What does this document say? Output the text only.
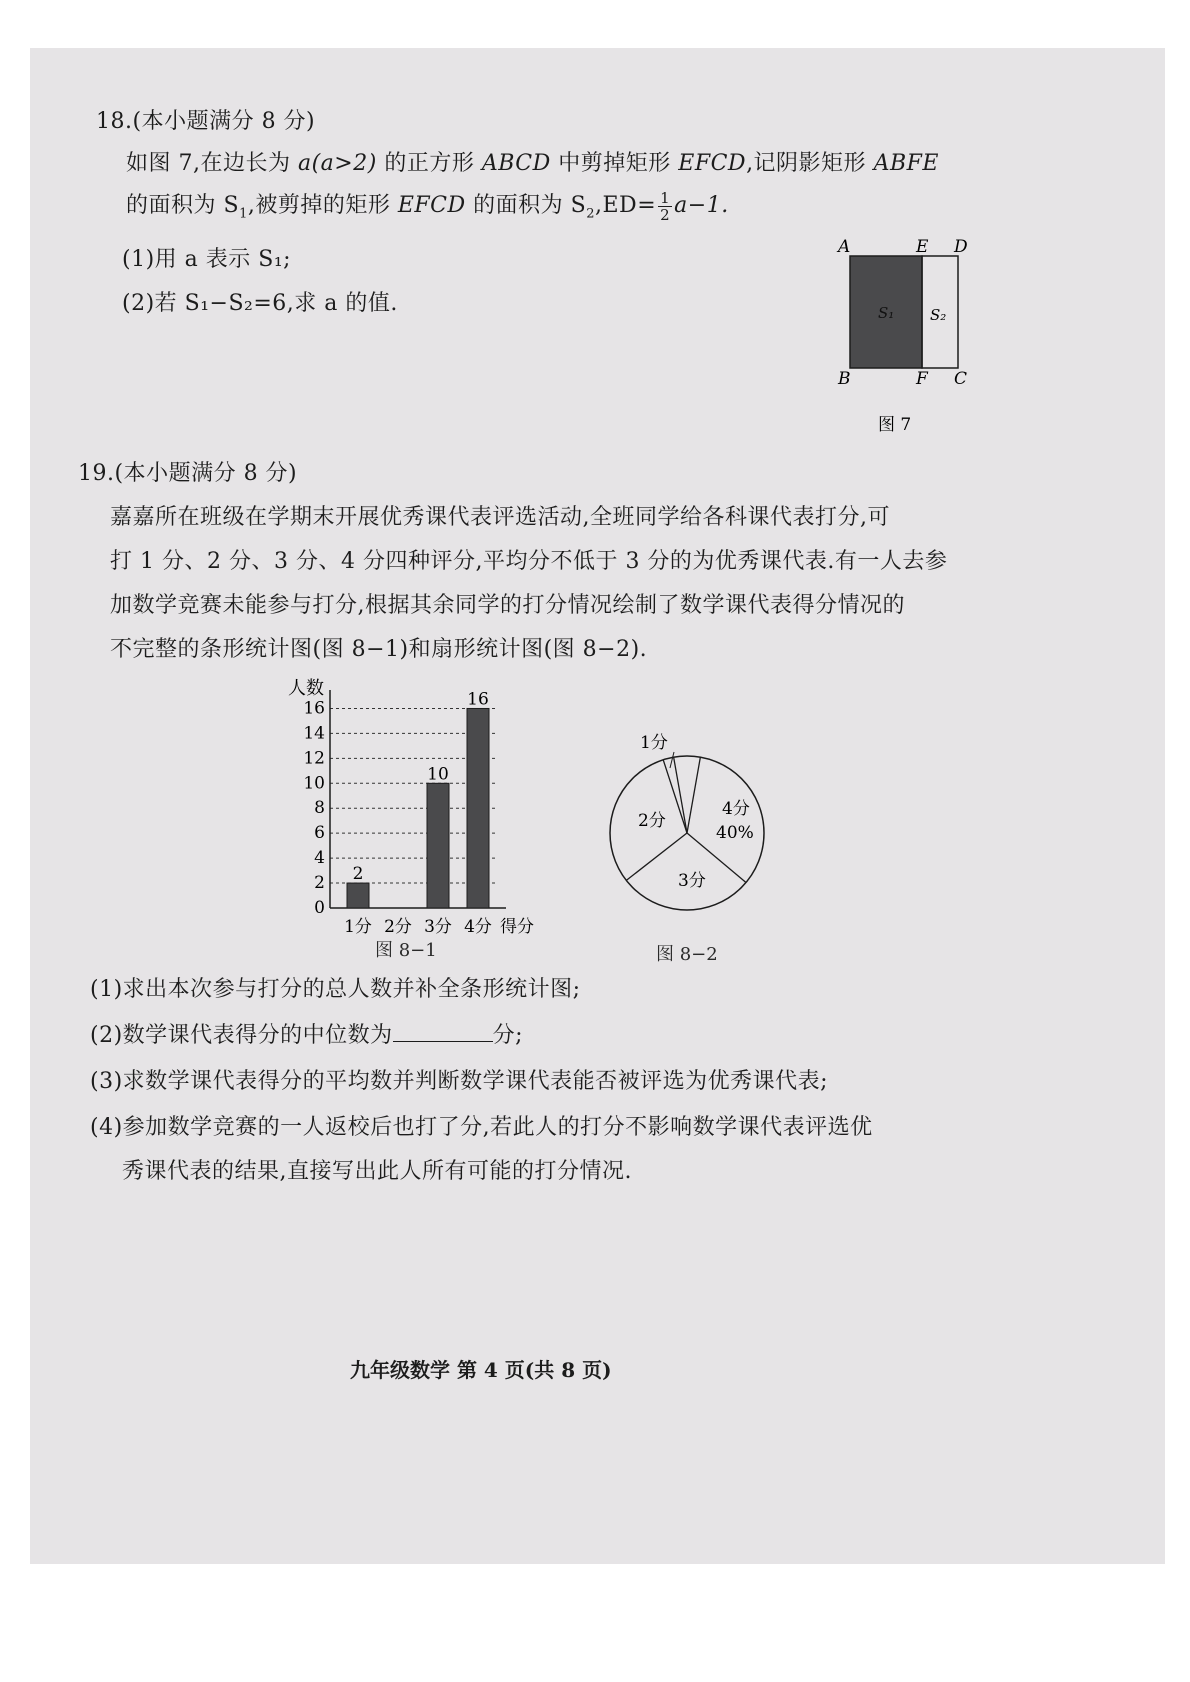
18.(本小题满分 8 分)
如图 7,在边长为 a(a>2) 的正方形 ABCD 中剪掉矩形 EFCD,记阴影矩形 ABFE
的面积为 $S_1$,被剪掉的矩形 EFCD 的面积为 $S_2,ED= \frac{1}{2} a-1$.
(1)用 a 表示 S₁;
(2)若 S₁−S₂=6,求 a 的值.
A	E D
B	F C
S₁ S₂
图 7
19.(本小题满分 8 分)
嘉嘉所在班级在学期末开展优秀课代表评选活动,全班同学给各科课代表打分,可
打 1 分、2 分、3 分、4 分四种评分,平均分不低于 3 分的为优秀课代表.有一人去参
加数学竞赛未能参与打分,根据其余同学的打分情况绘制了数学课代表得分情况的
不完整的条形统计图(图 8−1)和扇形统计图(图 8−2).
0
2
4
6
8
10
12
14
16
人数
2
1分 2分
10
3分
16
4分 得分
图 8−1
1分
2分
3分
4分
40%
图 8−2
(1)求出本次参与打分的总人数并补全条形统计图;
(2)数学课代表得分的中位数为	分;
(3)求数学课代表得分的平均数并判断数学课代表能否被评选为优秀课代表;
(4)参加数学竞赛的一人返校后也打了分,若此人的打分不影响数学课代表评选优
秀课代表的结果,直接写出此人所有可能的打分情况.
九年级数学 第 4 页(共 8 页)
